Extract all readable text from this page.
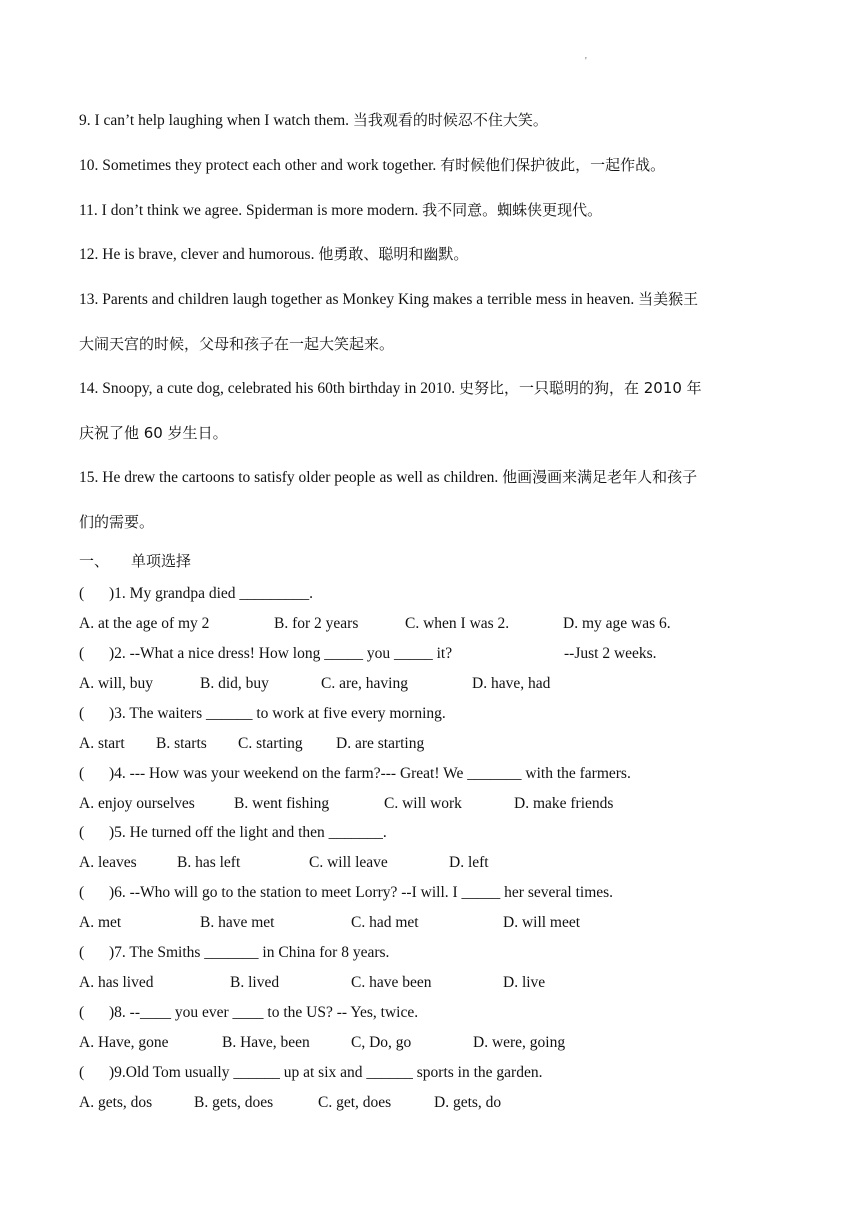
'
9. I can’t help laughing when I watch them. 当我观看的时候忍不住大笑。
10. Sometimes they protect each other and work together. 有时候他们保护彼此，一起作战。
11. I don’t think we agree. Spiderman is more modern. 我不同意。蜘蛛侠更现代。
12. He is brave, clever and humorous. 他勇敢、聪明和幽默。
13. Parents and children laugh together as Monkey King makes a terrible mess in heaven. 当美猴王
大闹天宫的时候，父母和孩子在一起大笑起来。
14. Snoopy, a cute dog, celebrated his 60th birthday in 2010. 史努比，一只聪明的狗，在 2010 年
庆祝了他 60 岁生日。
15. He drew the cartoons to satisfy older people as well as children. 他画漫画来满足老年人和孩子
们的需要。
一、 单项选择
( )1. My grandpa died _________.
A. at the age of my 2	B. for 2 years	C. when I was 2.	D. my age was 6.
( )2. --What a nice dress! How long _____ you _____ it?	--Just 2 weeks.
A. will, buy	B. did, buy	C. are, having	D. have, had
( )3. The waiters ______ to work at five every morning.
A. start B. starts C. starting D. are starting
( )4. --- How was your weekend on the farm?--- Great! We _______ with the farmers.
A. enjoy ourselves	B. went fishing	C. will work	D. make friends
( )5. He turned off the light and then _______.
A. leaves	B. has left	C. will leave	D. left
( )6. --Who will go to the station to meet Lorry? --I will. I _____ her several times.
A. met	B. have met	C. had met	D. will meet
( )7. The Smiths _______ in China for 8 years.
A. has lived	B. lived	C. have been	D. live
( )8. --____ you ever ____ to the US? -- Yes, twice.
A. Have, gone	B. Have, been	C, Do, go	D. were, going
( )9.Old Tom usually ______ up at six and ______ sports in the garden.
A. gets, dos	B. gets, does	C. get, does	D. gets, do
